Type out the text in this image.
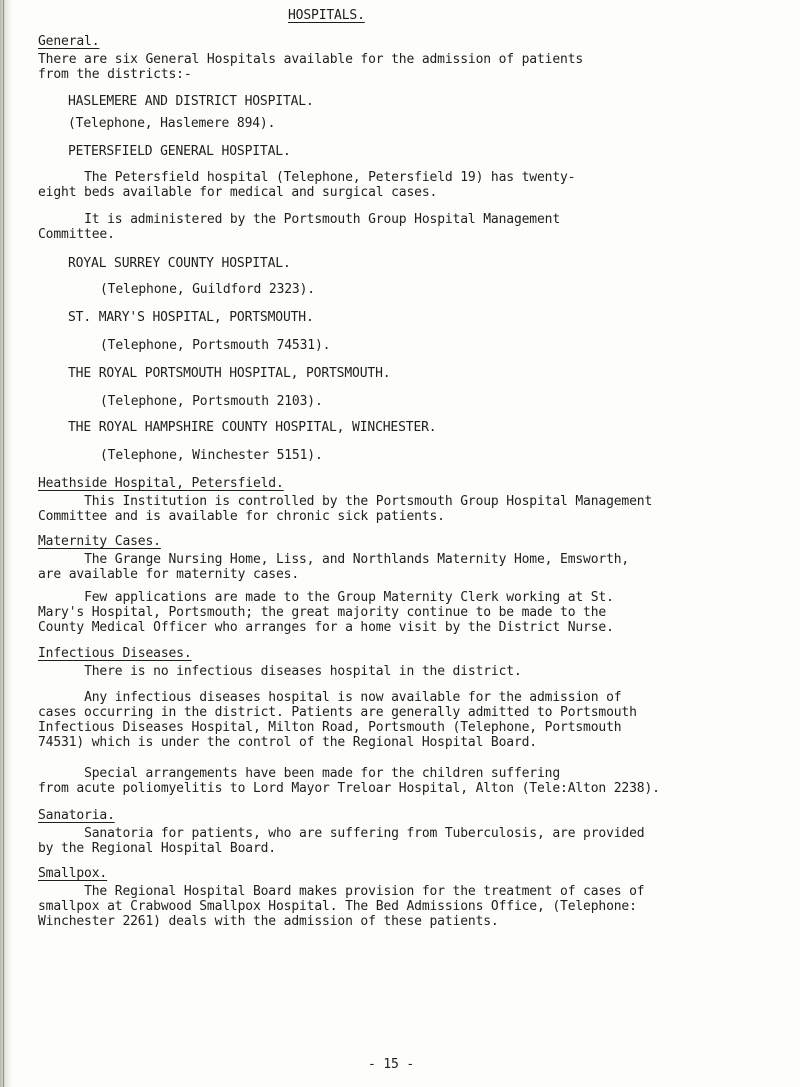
HOSPITALS.
General.
There are six General Hospitals available for the admission of patients
from the districts:-
HASLEMERE AND DISTRICT HOSPITAL.
(Telephone, Haslemere 894).
PETERSFIELD GENERAL HOSPITAL.
The Petersfield hospital (Telephone, Petersfield 19) has twenty-
eight beds available for medical and surgical cases.
It is administered by the Portsmouth Group Hospital Management
Committee.
ROYAL SURREY COUNTY HOSPITAL.
(Telephone, Guildford 2323).
ST. MARY'S HOSPITAL, PORTSMOUTH.
(Telephone, Portsmouth 74531).
THE ROYAL PORTSMOUTH HOSPITAL, PORTSMOUTH.
(Telephone, Portsmouth 2103).
THE ROYAL HAMPSHIRE COUNTY HOSPITAL, WINCHESTER.
(Telephone, Winchester 5151).
Heathside Hospital, Petersfield.
This Institution is controlled by the Portsmouth Group Hospital Management
Committee and is available for chronic sick patients.
Maternity Cases.
The Grange Nursing Home, Liss, and Northlands Maternity Home, Emsworth,
are available for maternity cases.
Few applications are made to the Group Maternity Clerk working at St.
Mary's Hospital, Portsmouth; the great majority continue to be made to the
County Medical Officer who arranges for a home visit by the District Nurse.
Infectious Diseases.
There is no infectious diseases hospital in the district.
Any infectious diseases hospital is now available for the admission of
cases occurring in the district. Patients are generally admitted to Portsmouth
Infectious Diseases Hospital, Milton Road, Portsmouth (Telephone, Portsmouth
74531) which is under the control of the Regional Hospital Board.
Special arrangements have been made for the children suffering
from acute poliomyelitis to Lord Mayor Treloar Hospital, Alton (Tele:Alton 2238).
Sanatoria.
Sanatoria for patients, who are suffering from Tuberculosis, are provided
by the Regional Hospital Board.
Smallpox.
The Regional Hospital Board makes provision for the treatment of cases of
smallpox at Crabwood Smallpox Hospital. The Bed Admissions Office, (Telephone:
Winchester 2261) deals with the admission of these patients.
- 15 -
